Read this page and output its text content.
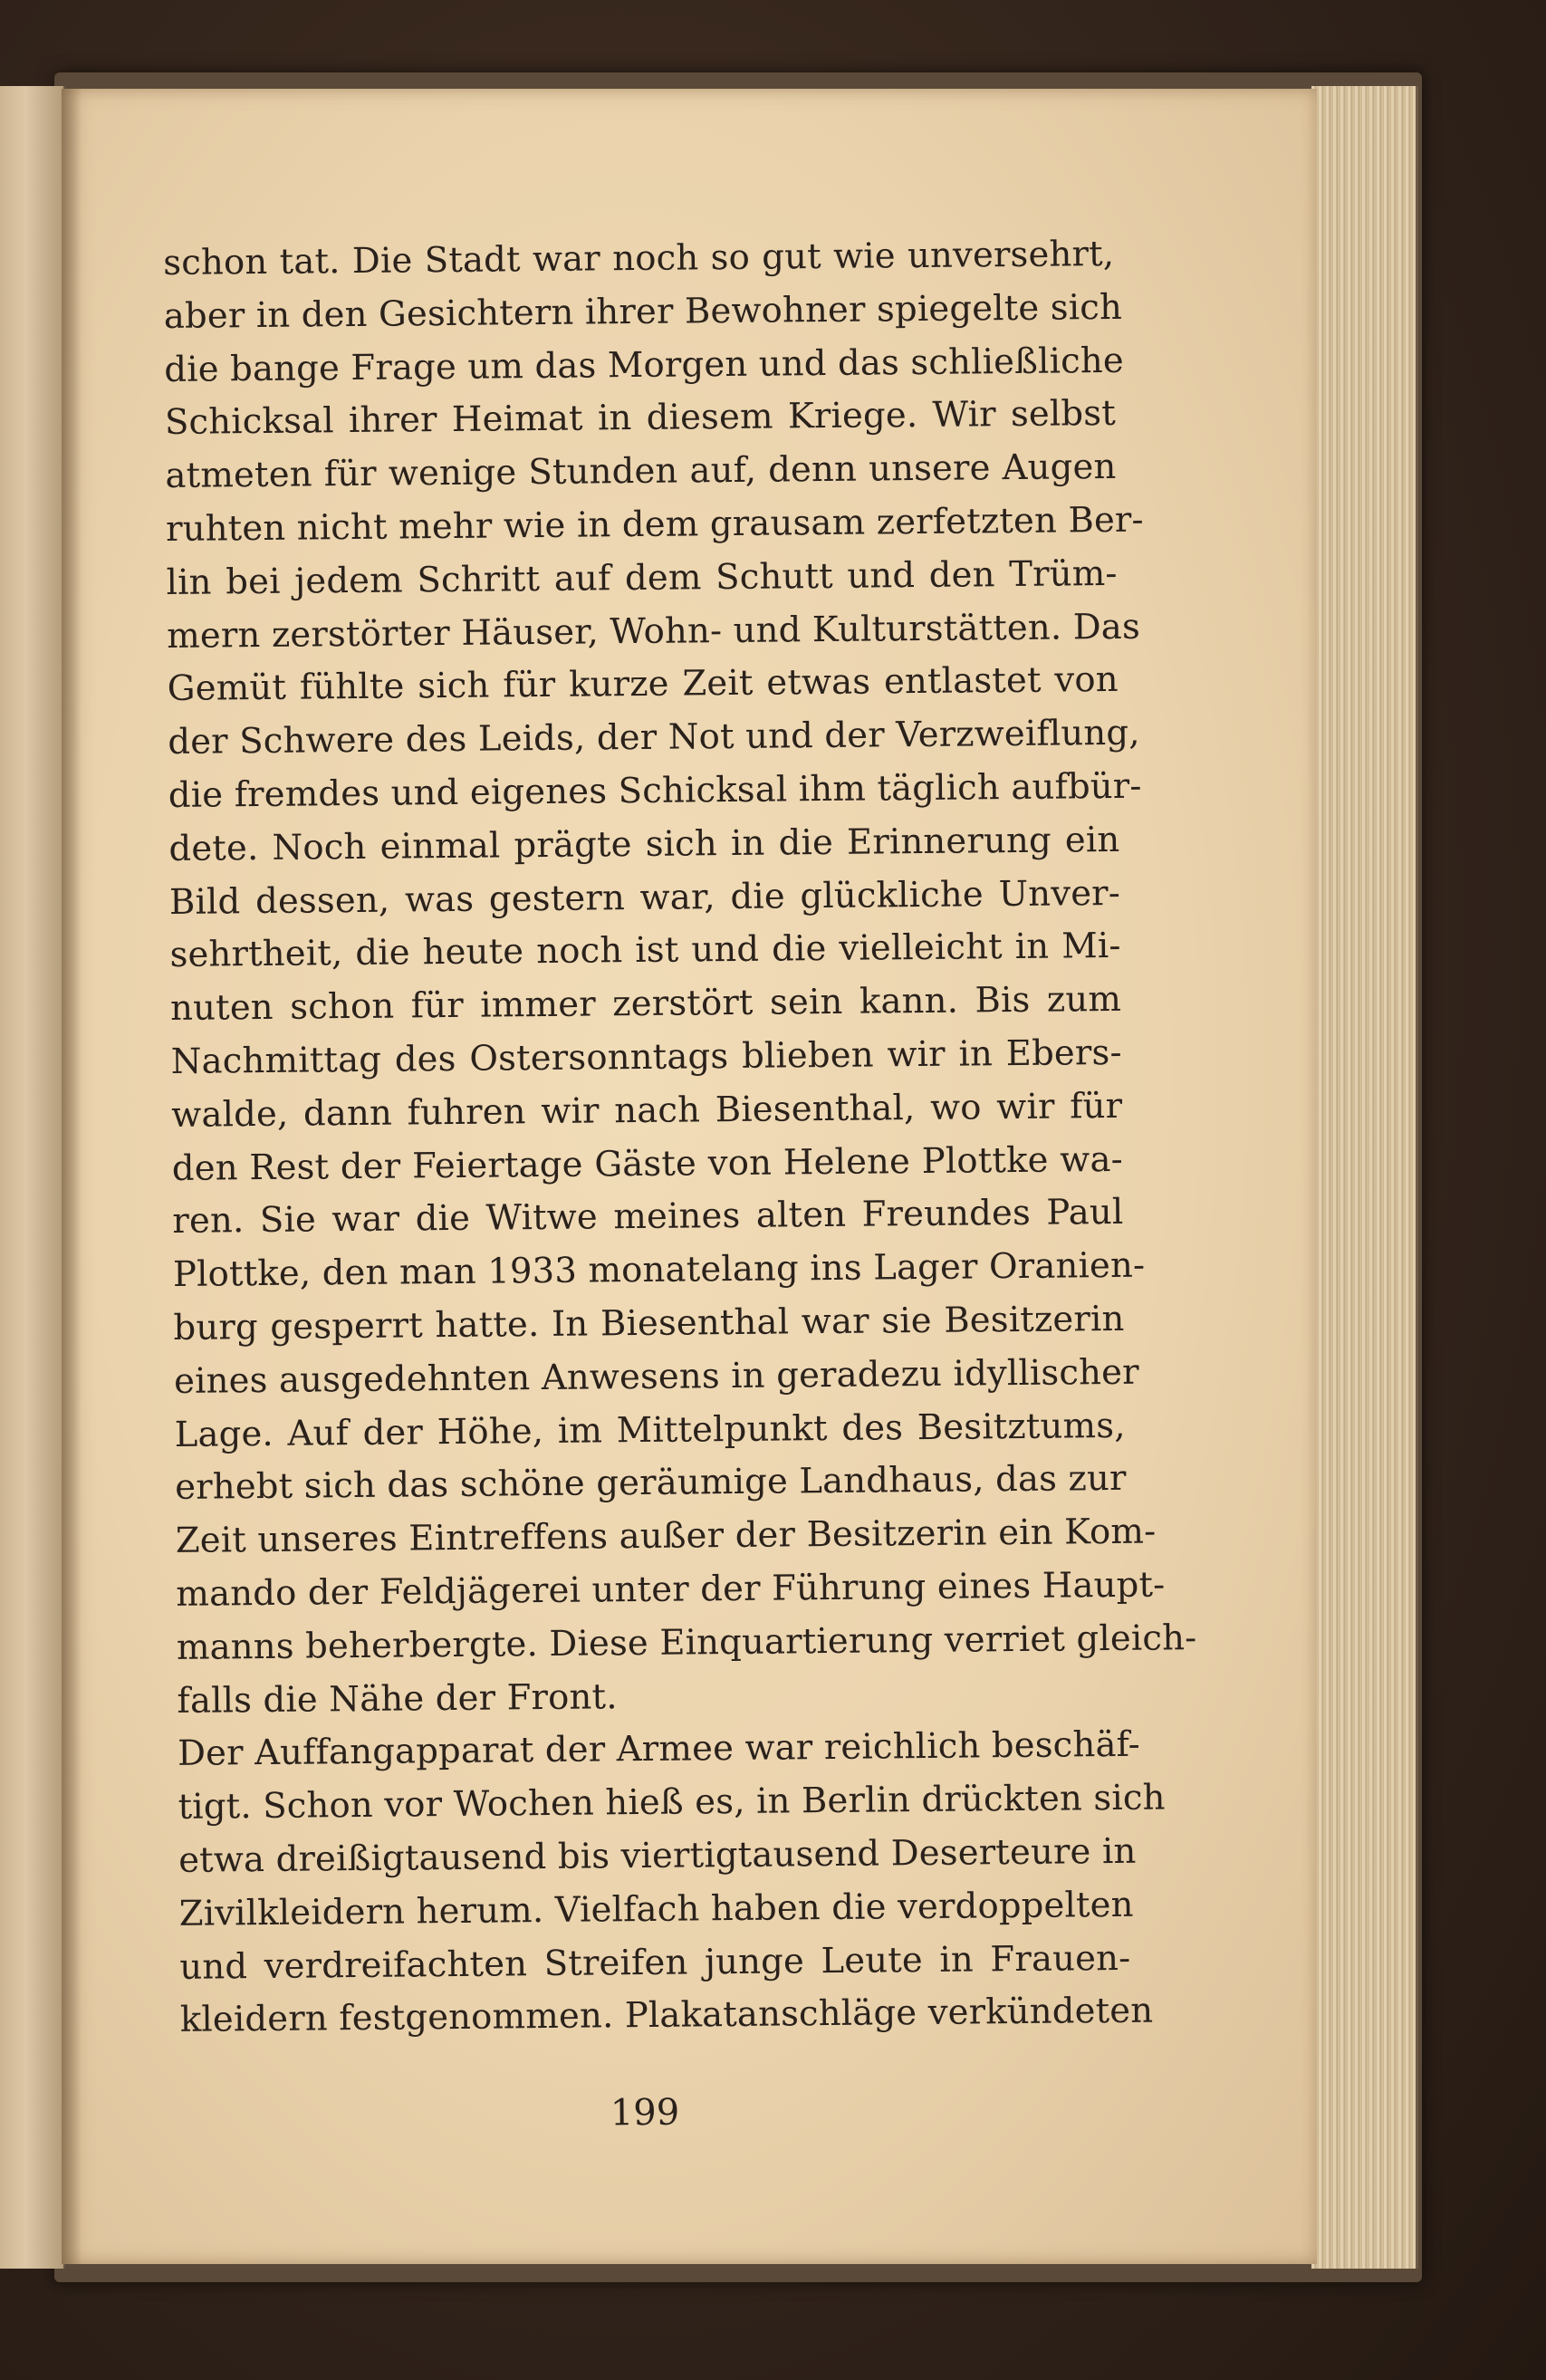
schon tat. Die Stadt war noch so gut wie unversehrt,
aber in den Gesichtern ihrer Bewohner spiegelte sich
die bange Frage um das Morgen und das schließliche
Schicksal ihrer Heimat in diesem Kriege. Wir selbst
atmeten für wenige Stunden auf, denn unsere Augen
ruhten nicht mehr wie in dem grausam zerfetzten Ber-
lin bei jedem Schritt auf dem Schutt und den Trüm-
mern zerstörter Häuser, Wohn- und Kulturstätten. Das
Gemüt fühlte sich für kurze Zeit etwas entlastet von
der Schwere des Leids, der Not und der Verzweiflung,
die fremdes und eigenes Schicksal ihm täglich aufbür-
dete. Noch einmal prägte sich in die Erinnerung ein
Bild dessen, was gestern war, die glückliche Unver-
sehrtheit, die heute noch ist und die vielleicht in Mi-
nuten schon für immer zerstört sein kann. Bis zum
Nachmittag des Ostersonntags blieben wir in Ebers-
walde, dann fuhren wir nach Biesenthal, wo wir für
den Rest der Feiertage Gäste von Helene Plottke wa-
ren. Sie war die Witwe meines alten Freundes Paul
Plottke, den man 1933 monatelang ins Lager Oranien-
burg gesperrt hatte. In Biesenthal war sie Besitzerin
eines ausgedehnten Anwesens in geradezu idyllischer
Lage. Auf der Höhe, im Mittelpunkt des Besitztums,
erhebt sich das schöne geräumige Landhaus, das zur
Zeit unseres Eintreffens außer der Besitzerin ein Kom-
mando der Feldjägerei unter der Führung eines Haupt-
manns beherbergte. Diese Einquartierung verriet gleich-
falls die Nähe der Front.
Der Auffangapparat der Armee war reichlich beschäf-
tigt. Schon vor Wochen hieß es, in Berlin drückten sich
etwa dreißigtausend bis viertigtausend Deserteure in
Zivilkleidern herum. Vielfach haben die verdoppelten
und verdreifachten Streifen junge Leute in Frauen-
kleidern festgenommen. Plakatanschläge verkündeten
199
